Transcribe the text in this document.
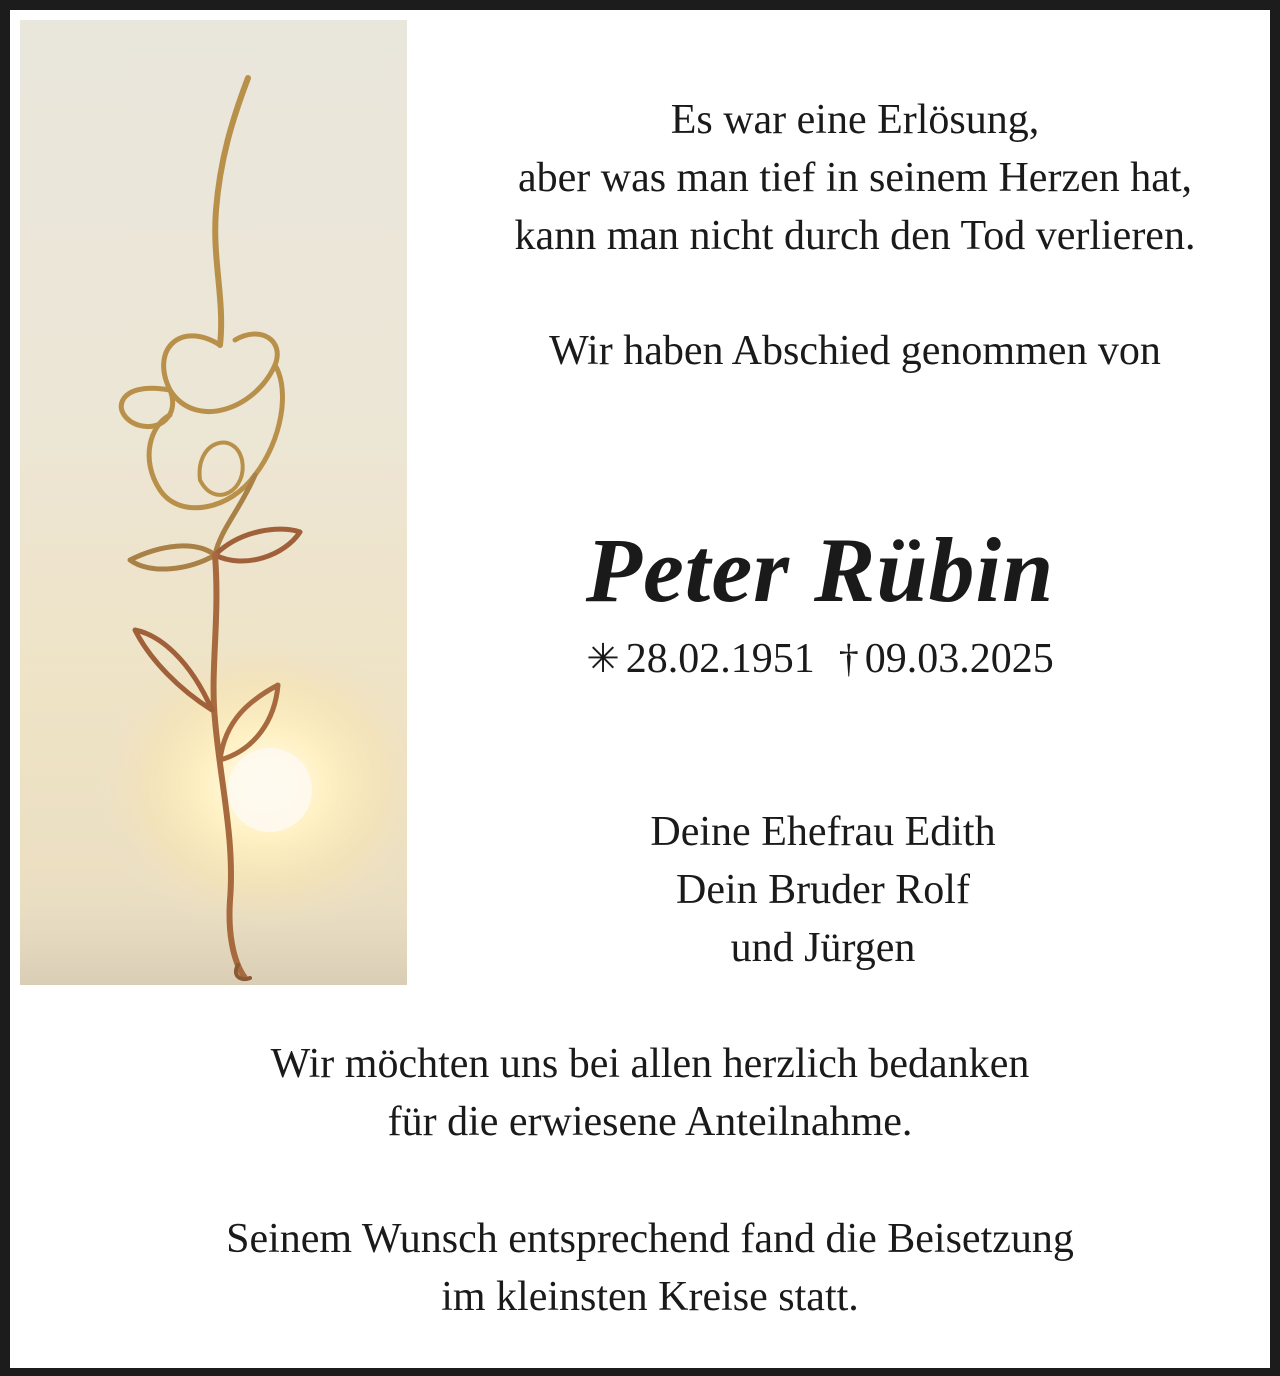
Es war eine Erlösung,
aber was man tief in seinem Herzen hat,
kann man nicht durch den Tod verlieren.
Wir haben Abschied genommen von
Peter Rübin
✳ 28.02.1951 † 09.03.2025
Deine Ehefrau Edith
Dein Bruder Rolf
und Jürgen
Wir möchten uns bei allen herzlich bedanken
für die erwiesene Anteilnahme.
Seinem Wunsch entsprechend fand die Beisetzung
im kleinsten Kreise statt.
